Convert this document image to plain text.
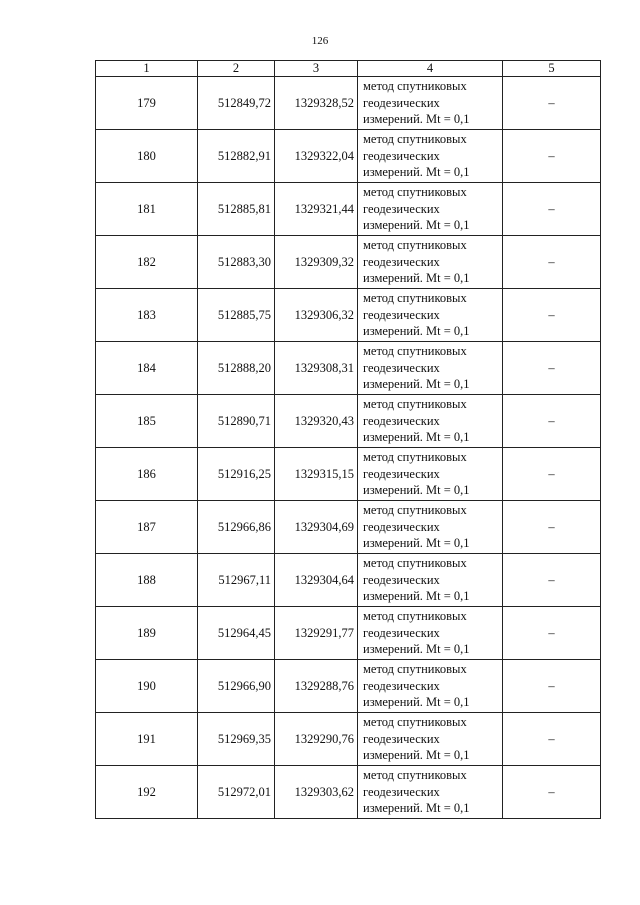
126
1	2	3	4	5
179	512849,72	1329328,52	метод спутниковых
геодезических
измерений. Mt = 0,1	–
180	512882,91	1329322,04	метод спутниковых
геодезических
измерений. Mt = 0,1	–
181	512885,81	1329321,44	метод спутниковых
геодезических
измерений. Mt = 0,1	–
182	512883,30	1329309,32	метод спутниковых
геодезических
измерений. Mt = 0,1	–
183	512885,75	1329306,32	метод спутниковых
геодезических
измерений. Mt = 0,1	–
184	512888,20	1329308,31	метод спутниковых
геодезических
измерений. Mt = 0,1	–
185	512890,71	1329320,43	метод спутниковых
геодезических
измерений. Mt = 0,1	–
186	512916,25	1329315,15	метод спутниковых
геодезических
измерений. Mt = 0,1	–
187	512966,86	1329304,69	метод спутниковых
геодезических
измерений. Mt = 0,1	–
188	512967,11	1329304,64	метод спутниковых
геодезических
измерений. Mt = 0,1	–
189	512964,45	1329291,77	метод спутниковых
геодезических
измерений. Mt = 0,1	–
190	512966,90	1329288,76	метод спутниковых
геодезических
измерений. Mt = 0,1	–
191	512969,35	1329290,76	метод спутниковых
геодезических
измерений. Mt = 0,1	–
192	512972,01	1329303,62	метод спутниковых
геодезических
измерений. Mt = 0,1	–
